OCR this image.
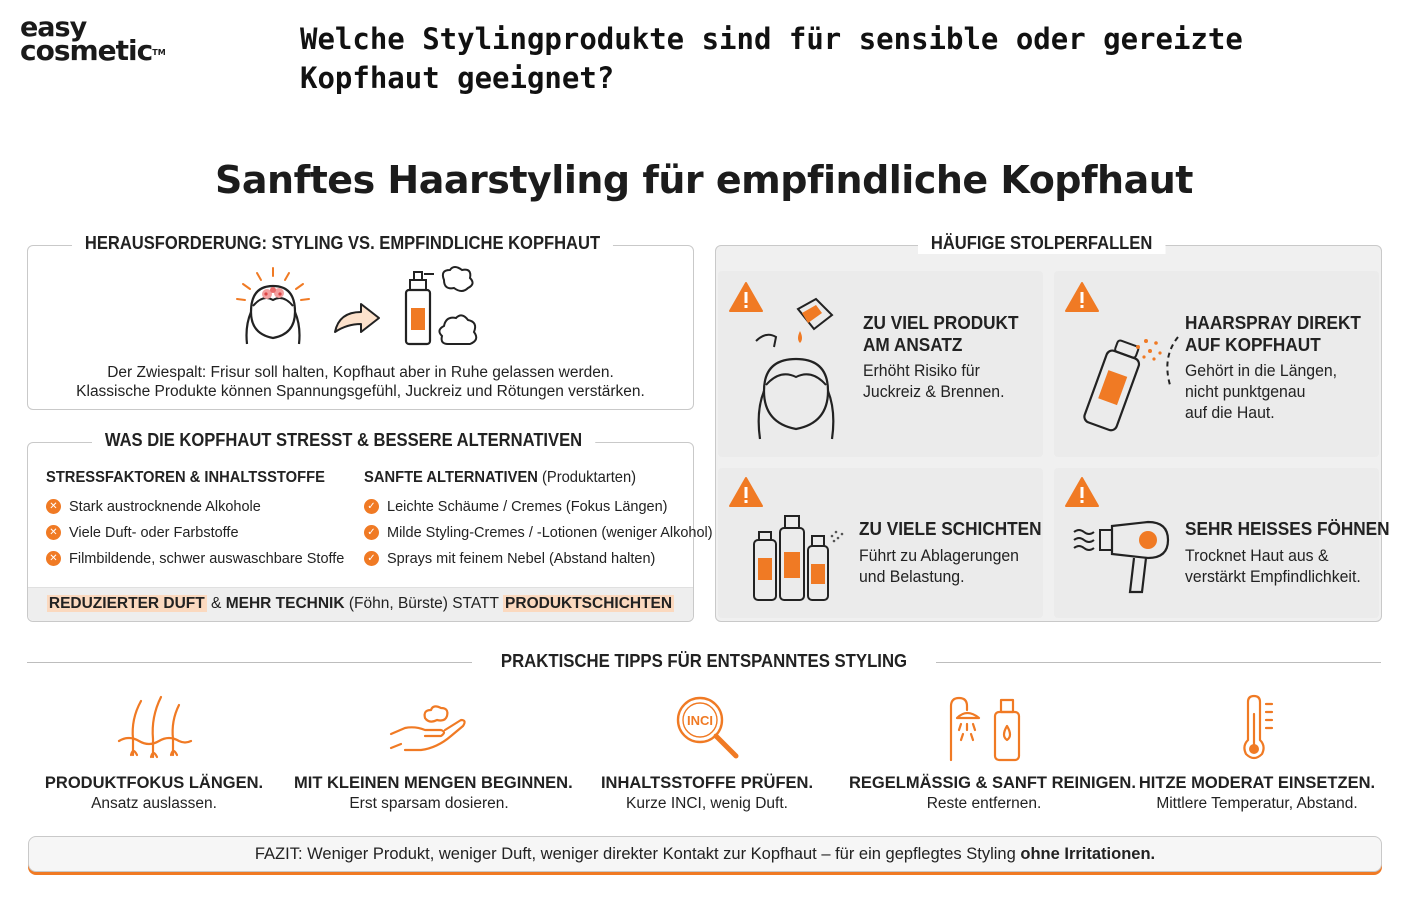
easy
cosmetic™	Welche Stylingprodukte sind für sensible oder gereizte
Kopfhaut geeignet?
Sanftes Haarstyling für empfindliche Kopfhaut
HERAUSFORDERUNG: STYLING VS. EMPFINDLICHE KOPFHAUT
Der Zwiespalt: Frisur soll halten, Kopfhaut aber in Ruhe gelassen werden.
Klassische Produkte können Spannungsgefühl, Juckreiz und Rötungen verstärken.
WAS DIE KOPFHAUT STRESST & BESSERE ALTERNATIVEN
STRESSFAKTOREN & INHALTSSTOFFE
✕ Stark austrocknende Alkohole
✕ Viele Duft- oder Farbstoffe
✕ Filmbildende, schwer auswaschbare Stoffe
SANFTE ALTERNATIVEN (Produktarten)
✓ Leichte Schäume / Cremes (Fokus Längen)
✓ Milde Styling-Cremes / -Lotionen (weniger Alkohol)
✓ Sprays mit feinem Nebel (Abstand halten)
REDUZIERTER DUFT & MEHR TECHNIK (Föhn, Bürste) STATT PRODUKTSCHICHTEN
HÄUFIGE STOLPERFALLEN
ZU VIEL PRODUKT
AM ANSATZ
Erhöht Risiko für
Juckreiz & Brennen.
HAARSPRAY DIREKT
AUF KOPFHAUT
Gehört in die Längen,
nicht punktgenau
auf die Haut.
ZU VIELE SCHICHTEN
Führt zu Ablagerungen
und Belastung.
SEHR HEISSES FÖHNEN
Trocknet Haut aus &
verstärkt Empfindlichkeit.
PRAKTISCHE TIPPS FÜR ENTSPANNTES STYLING
INCI
PRODUKTFOKUS LÄNGEN.
Ansatz auslassen.
MIT KLEINEN MENGEN BEGINNEN.
Erst sparsam dosieren.
INHALTSSTOFFE PRÜFEN.
Kurze INCI, wenig Duft.
REGELMÄSSIG & SANFT REINIGEN.
Reste entfernen.
HITZE MODERAT EINSETZEN.
Mittlere Temperatur, Abstand.
FAZIT: Weniger Produkt, weniger Duft, weniger direkter Kontakt zur Kopfhaut – für ein gepflegtes Styling ohne Irritationen.
